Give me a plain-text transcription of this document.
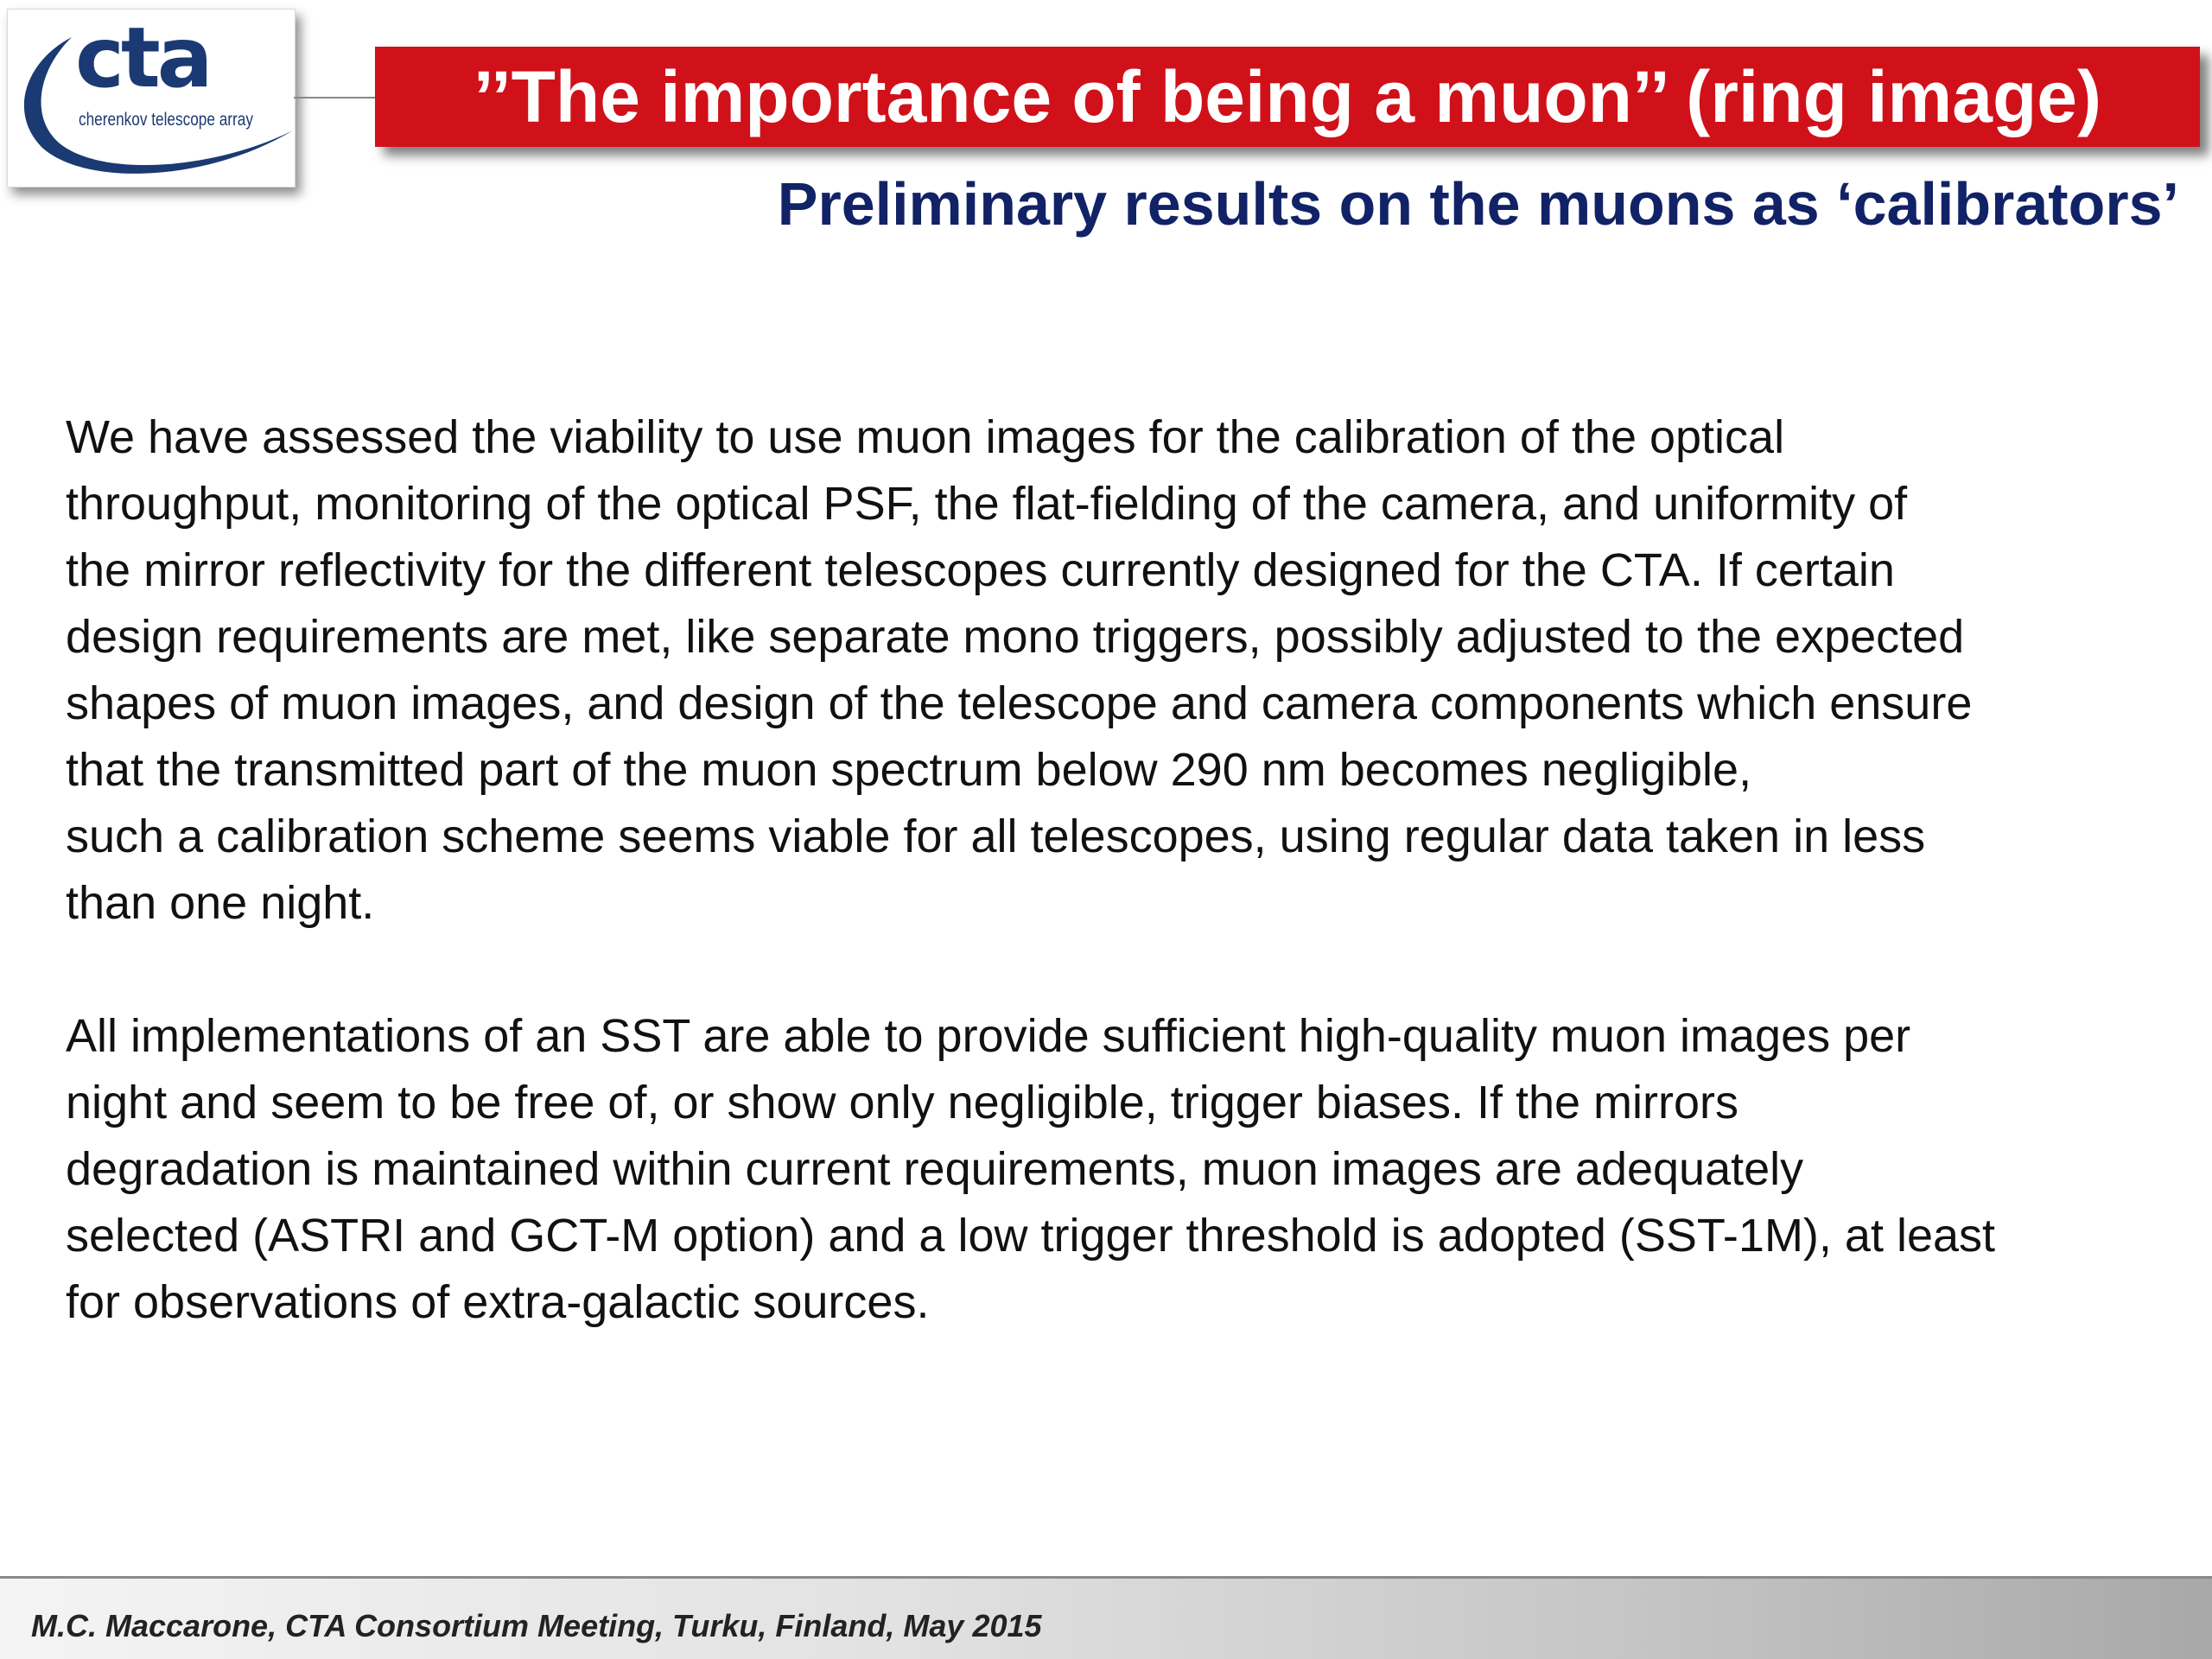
cta
cherenkov telescope array	’’The importance of being a muon’’ (ring image)
Preliminary results on the muons as ‘calibrators’

We have assessed the viability to use muon images for the calibration of the optical
throughput, monitoring of the optical PSF, the flat-fielding of the camera, and uniformity of
the mirror reflectivity for the different telescopes currently designed for the CTA. If certain
design requirements are met, like separate mono triggers, possibly adjusted to the expected
shapes of muon images, and design of the telescope and camera components which ensure
that the transmitted part of the muon spectrum below 290 nm becomes negligible,
such a calibration scheme seems viable for all telescopes, using regular data taken in less
than one night.

All implementations of an SST are able to provide sufficient high-quality muon images per
night and seem to be free of, or show only negligible, trigger biases. If the mirrors
degradation is maintained within current requirements, muon images are adequately
selected (ASTRI and GCT-M option) and a low trigger threshold is adopted (SST-1M), at least
for observations of extra-galactic sources.

M.C. Maccarone, CTA Consortium Meeting, Turku, Finland, May 2015
